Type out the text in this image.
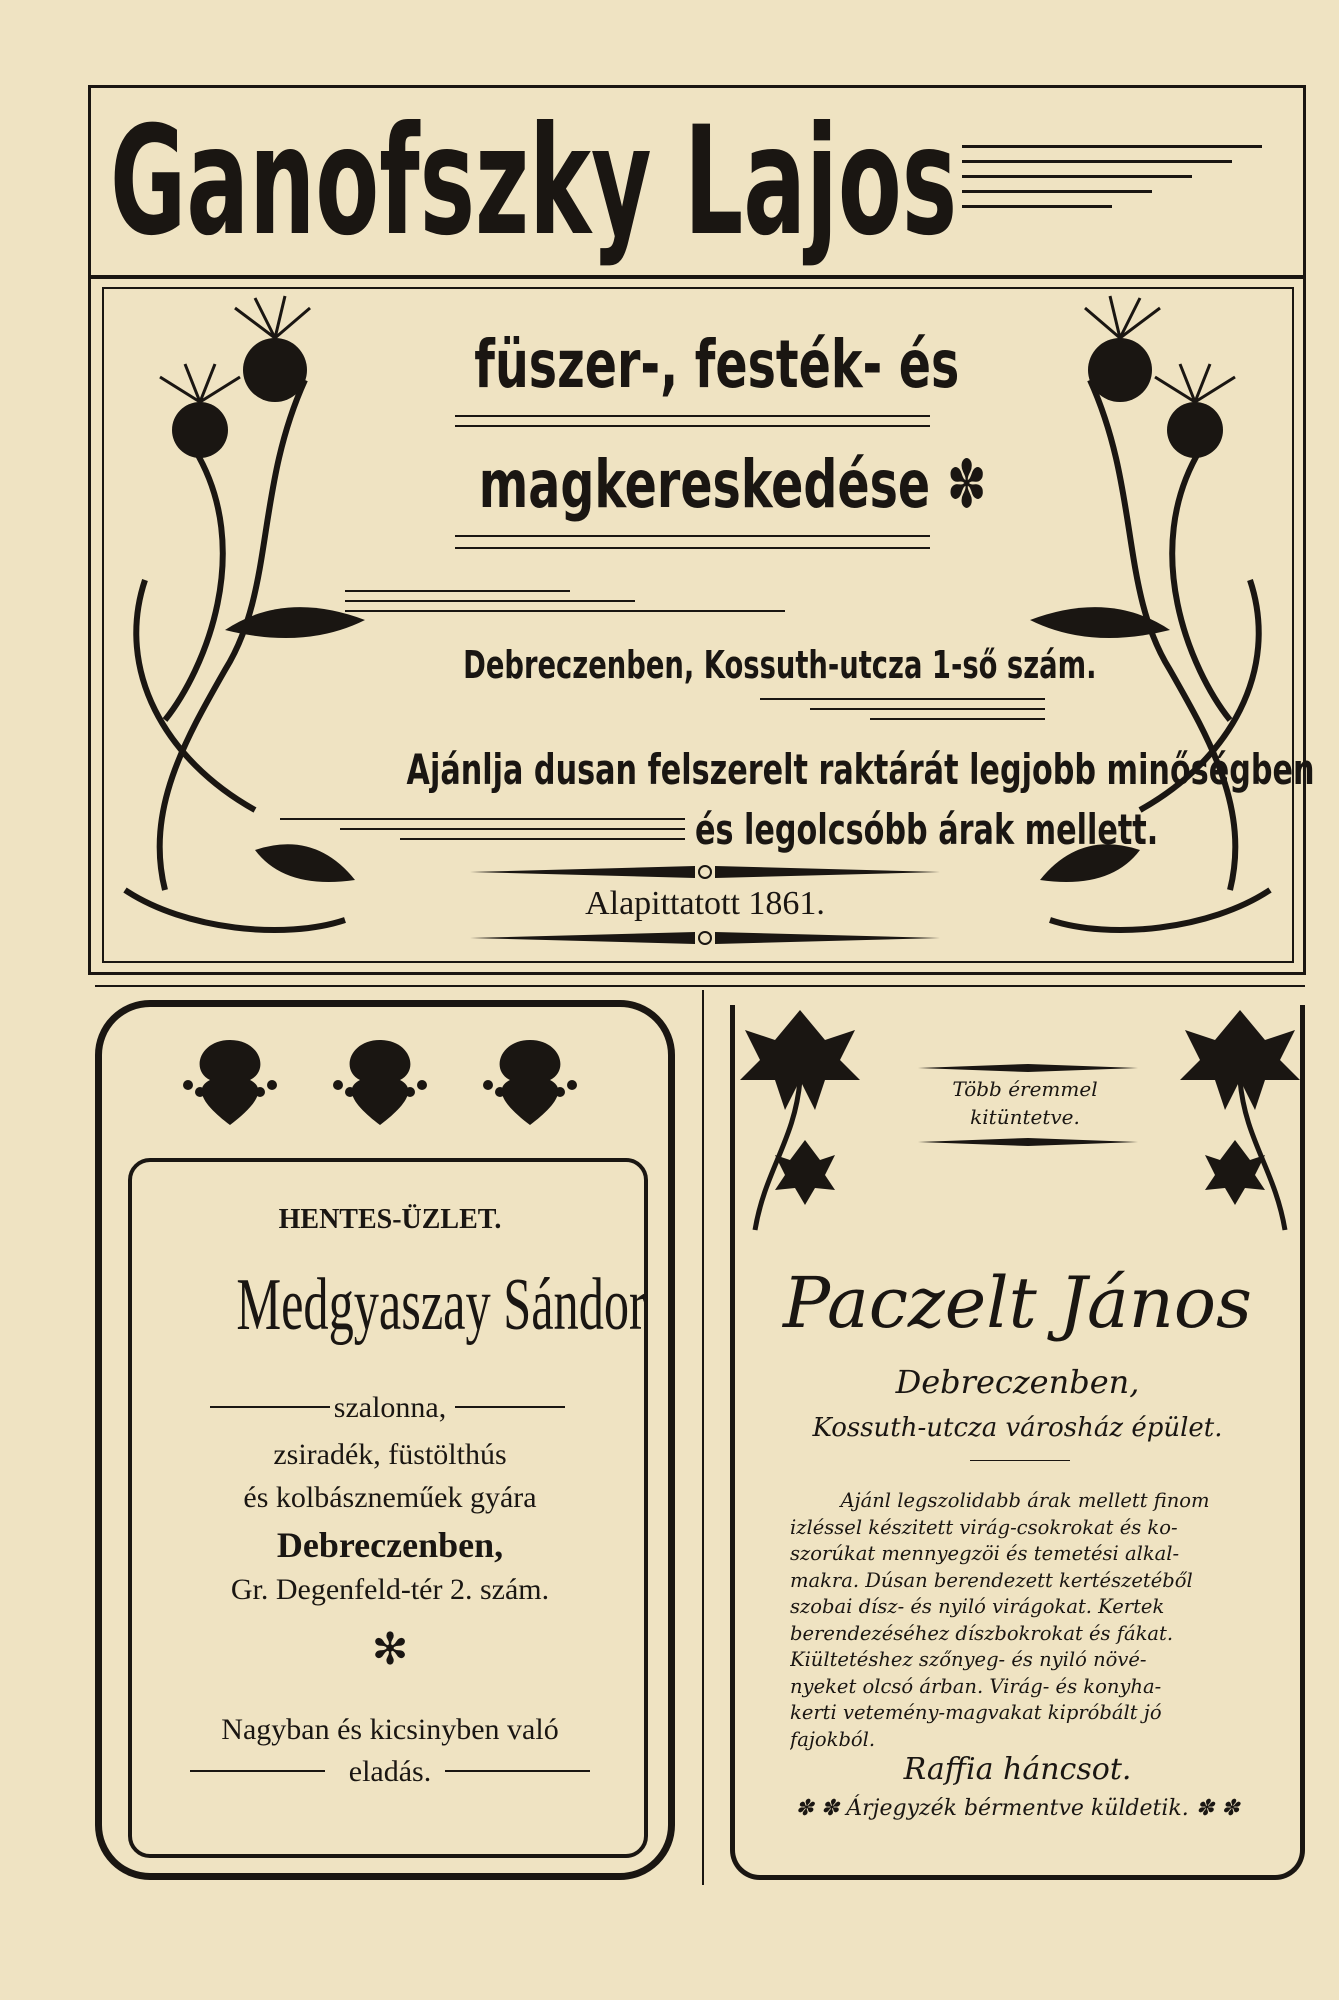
Ganofszky Lajos
füszer-, festék- és
magkereskedése ✽
Debreczenben, Kossuth-utcza 1-ső szám.
Ajánlja dusan felszerelt raktárát legjobb minőségben
és legolcsóbb árak mellett.
Alapittatott 1861.
HENTES-ÜZLET.
Medgyaszay Sándor
szalonna,
zsiradék, füstölthús
és kolbászneműek gyára
Debreczenben,
Gr. Degenfeld-tér 2. szám.
✻
Nagyban és kicsinyben való
eladás.
Több éremmel
kitüntetve.
Paczelt János
Debreczenben,
Kossuth-utcza városház épület.
Ajánl legszolidabb árak mellett finom
izléssel készitett virág-csokrokat és ko-
szorúkat mennyegzöi és temetési alkal-
makra. Dúsan berendezett kertészetéből
szobai dísz- és nyiló virágokat. Kertek
berendezéséhez díszbokrokat és fákat.
Kiültetéshez szőnyeg- és nyiló növé-
nyeket olcsó árban. Virág- és konyha-
kerti vetemény-magvakat kipróbált jó
fajokból.
Raffia háncsot.
✽ ✽ Árjegyzék bérmentve küldetik. ✽ ✽
